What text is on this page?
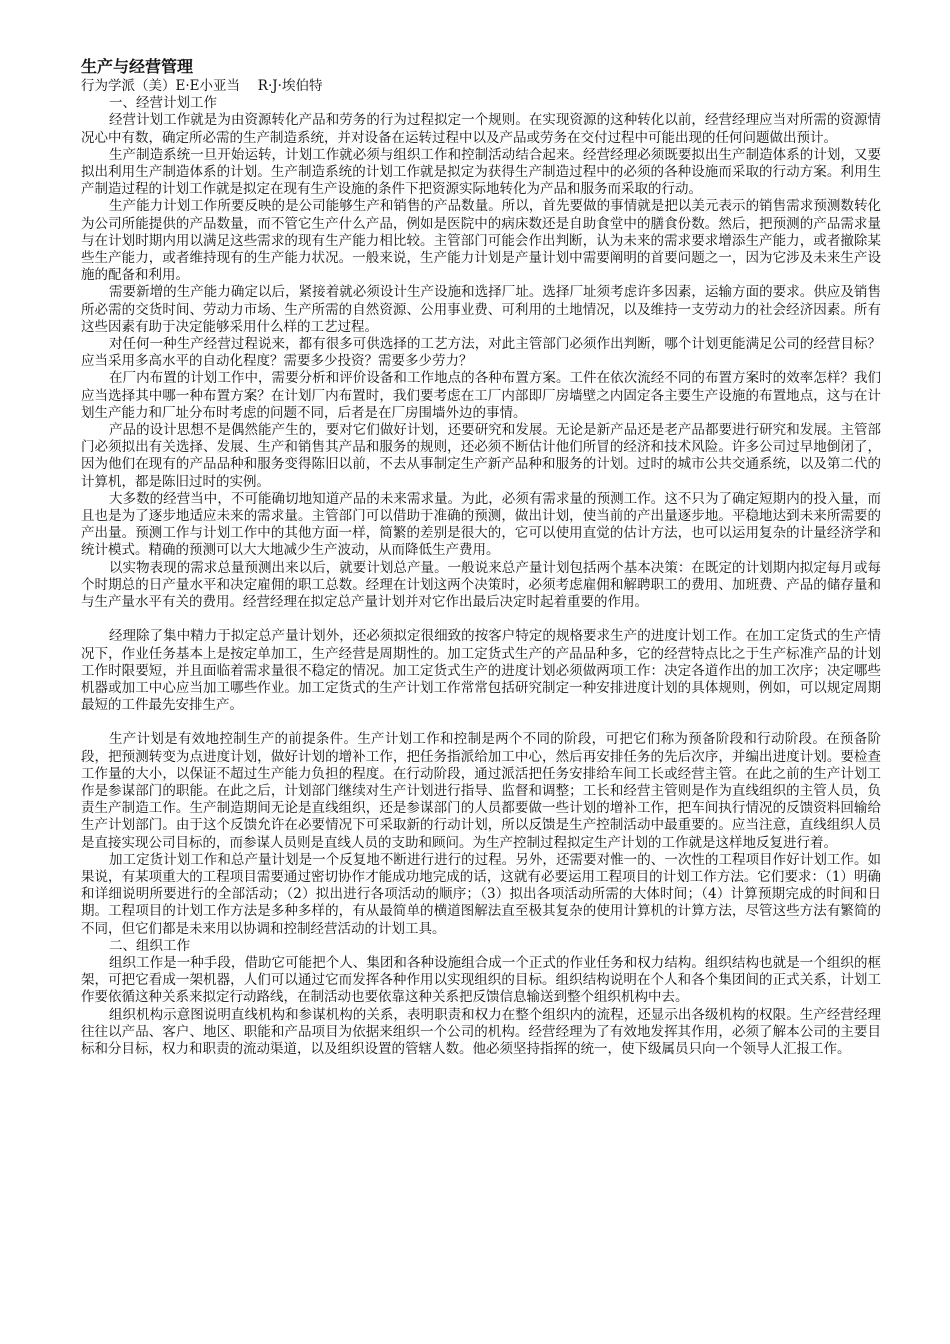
生产与经营管理
行为学派（美）E·E小亚当　 R·J·埃伯特
一、经营计划工作

经营计划工作就是为由资源转化产品和劳务的行为过程拟定一个规则。在实现资源的这种转化以前，经营经理应当对所需的资源情况心中有数，确定所必需的生产制造系统，并对设备在运转过程中以及产品或劳务在交付过程中可能出现的任何问题做出预计。

生产制造系统一旦开始运转，计划工作就必须与组织工作和控制活动结合起来。经营经理必须既要拟出生产制造体系的计划，又要拟出利用生产制造体系的计划。生产制造系统的计划工作就是拟定为获得生产制造过程中的必须的各种设施而采取的行动方案。利用生产制造过程的计划工作就是拟定在现有生产设施的条件下把资源实际地转化为产品和服务而采取的行动。

生产能力计划工作所要反映的是公司能够生产和销售的产品数量。所以，首先要做的事情就是把以美元表示的销售需求预测数转化为公司所能提供的产品数量，而不管它生产什么产品，例如是医院中的病床数还是自助食堂中的膳食份数。然后，把预测的产品需求量与在计划时期内用以满足这些需求的现有生产能力相比较。主管部门可能会作出判断，认为未来的需求要求增添生产能力，或者撤除某些生产能力，或者维持现有的生产能力状况。一般来说，生产能力计划是产量计划中需要阐明的首要问题之一，因为它涉及未来生产设施的配备和利用。

需要新增的生产能力确定以后，紧接着就必须设计生产设施和选择厂址。选择厂址须考虑许多因素，运输方面的要求。供应及销售所必需的交货时间、劳动力市场、生产所需的自然资源、公用事业费、可利用的土地情况，以及维持一支劳动力的社会经济因素。所有这些因素有助于决定能够采用什么样的工艺过程。

对任何一种生产经营过程说来，都有很多可供选择的工艺方法，对此主管部门必须作出判断，哪个计划更能满足公司的经营目标？应当采用多高水平的自动化程度？需要多少投资？需要多少劳力？

在厂内布置的计划工作中，需要分析和评价设备和工作地点的各种布置方案。工件在依次流经不同的布置方案时的效率怎样？我们应当选择其中哪一种布置方案？在计划厂内布置时，我们要考虑在工厂内部即厂房墙壁之内固定各主要生产设施的布置地点，这与在计划生产能力和厂址分布时考虑的问题不同，后者是在厂房围墙外边的事情。

产品的设计思想不是偶然能产生的，要对它们做好计划，还要研究和发展。无论是新产品还是老产品都要进行研究和发展。主管部门必须拟出有关选择、发展、生产和销售其产品和服务的规则，还必须不断估计他们所冒的经济和技术风险。许多公司过早地倒闭了，因为他们在现有的产品品种和服务变得陈旧以前，不去从事制定生产新产品种和服务的计划。过时的城市公共交通系统，以及第二代的计算机，都是陈旧过时的实例。

大多数的经营当中，不可能确切地知道产品的未来需求量。为此，必须有需求量的预测工作。这不只为了确定短期内的投入量，而且也是为了逐步地适应未来的需求量。主管部门可以借助于准确的预测，做出计划，使当前的产出量逐步地。平稳地达到未来所需要的产出量。预测工作与计划工作中的其他方面一样，简繁的差别是很大的，它可以使用直觉的估计方法，也可以运用复杂的计量经济学和统计模式。精确的预测可以大大地减少生产波动，从而降低生产费用。

以实物表现的需求总量预测出来以后，就要计划总产量。一般说来总产量计划包括两个基本决策：在既定的计划期内拟定每月或每个时期总的日产量水平和决定雇佣的职工总数。经理在计划这两个决策时，必须考虑雇佣和解聘职工的费用、加班费、产品的储存量和与生产量水平有关的费用。经营经理在拟定总产量计划并对它作出最后决定时起着重要的作用。

经理除了集中精力于拟定总产量计划外，还必须拟定很细致的按客户特定的规格要求生产的进度计划工作。在加工定货式的生产情况下，作业任务基本上是按定单加工，生产经营是周期性的。加工定货式生产的产品品种多，它的经营特点比之于生产标准产品的计划工作时限要短，并且面临着需求量很不稳定的情况。加工定货式生产的进度计划必须做两项工作：决定各道作出的加工次序；决定哪些机器或加工中心应当加工哪些作业。加工定货式的生产计划工作常常包括研究制定一种安排进度计划的具体规则，例如，可以规定周期最短的工件最先安排生产。

生产计划是有效地控制生产的前提条件。生产计划工作和控制是两个不同的阶段，可把它们称为预备阶段和行动阶段。在预备阶段，把预测转变为点进度计划，做好计划的增补工作，把任务指派给加工中心，然后再安排任务的先后次序，并编出进度计划。要检查工作量的大小，以保证不超过生产能力负担的程度。在行动阶段，通过派活把任务安排给车间工长或经营主管。在此之前的生产计划工作是参谋部门的职能。在此之后，计划部门继续对生产计划进行指导、监督和调整；工长和经营主管则是作为直线组织的主管人员，负责生产制造工作。生产制造期间无论是直线组织，还是参谋部门的人员都要做一些计划的增补工作，把车间执行情况的反馈资料回输给生产计划部门。由于这个反馈允许在必要情况下可采取新的行动计划，所以反馈是生产控制活动中最重要的。应当注意，直线组织人员是直接实现公司目标的，而参谋人员则是直线人员的支助和顾问。为生产控制过程拟定生产计划的工作就是这样地反复进行着。

加工定货计划工作和总产量计划是一个反复地不断进行进行的过程。另外，还需要对惟一的、一次性的工程项目作好计划工作。如果说，有某项重大的工程项目需要通过密切协作才能成功地完成的话，这就有必要运用工程项目的计划工作方法。它们要求：（1）明确和详细说明所要进行的全部活动；（2）拟出进行各项活动的顺序；（3）拟出各项活动所需的大体时间；（4）计算预期完成的时间和日期。工程项目的计划工作方法是多种多样的，有从最简单的横道图解法直至极其复杂的使用计算机的计算方法，尽管这些方法有繁简的不同，但它们都是未来用以协调和控制经营活动的计划工具。

二、组织工作

组织工作是一种手段，借助它可能把个人、集团和各种设施组合成一个正式的作业任务和权力结构。组织结构也就是一个组织的框架，可把它看成一架机器，人们可以通过它而发挥各种作用以实现组织的目标。组织结构说明在个人和各个集团间的正式关系，计划工作要依循这种关系来拟定行动路线，在制活动也要依靠这种关系把反馈信息输送到整个组织机构中去。

组织机构示意图说明直线机构和参谋机构的关系，表明职责和权力在整个组织内的流程，还显示出各级机构的权限。生产经营经理往往以产品、客户、地区、职能和产品项目为依据来组织一个公司的机构。经营经理为了有效地发挥其作用，必须了解本公司的主要目标和分目标，权力和职责的流动渠道，以及组织设置的管辖人数。他必须坚持指挥的统一，使下级属员只向一个领导人汇报工作。
